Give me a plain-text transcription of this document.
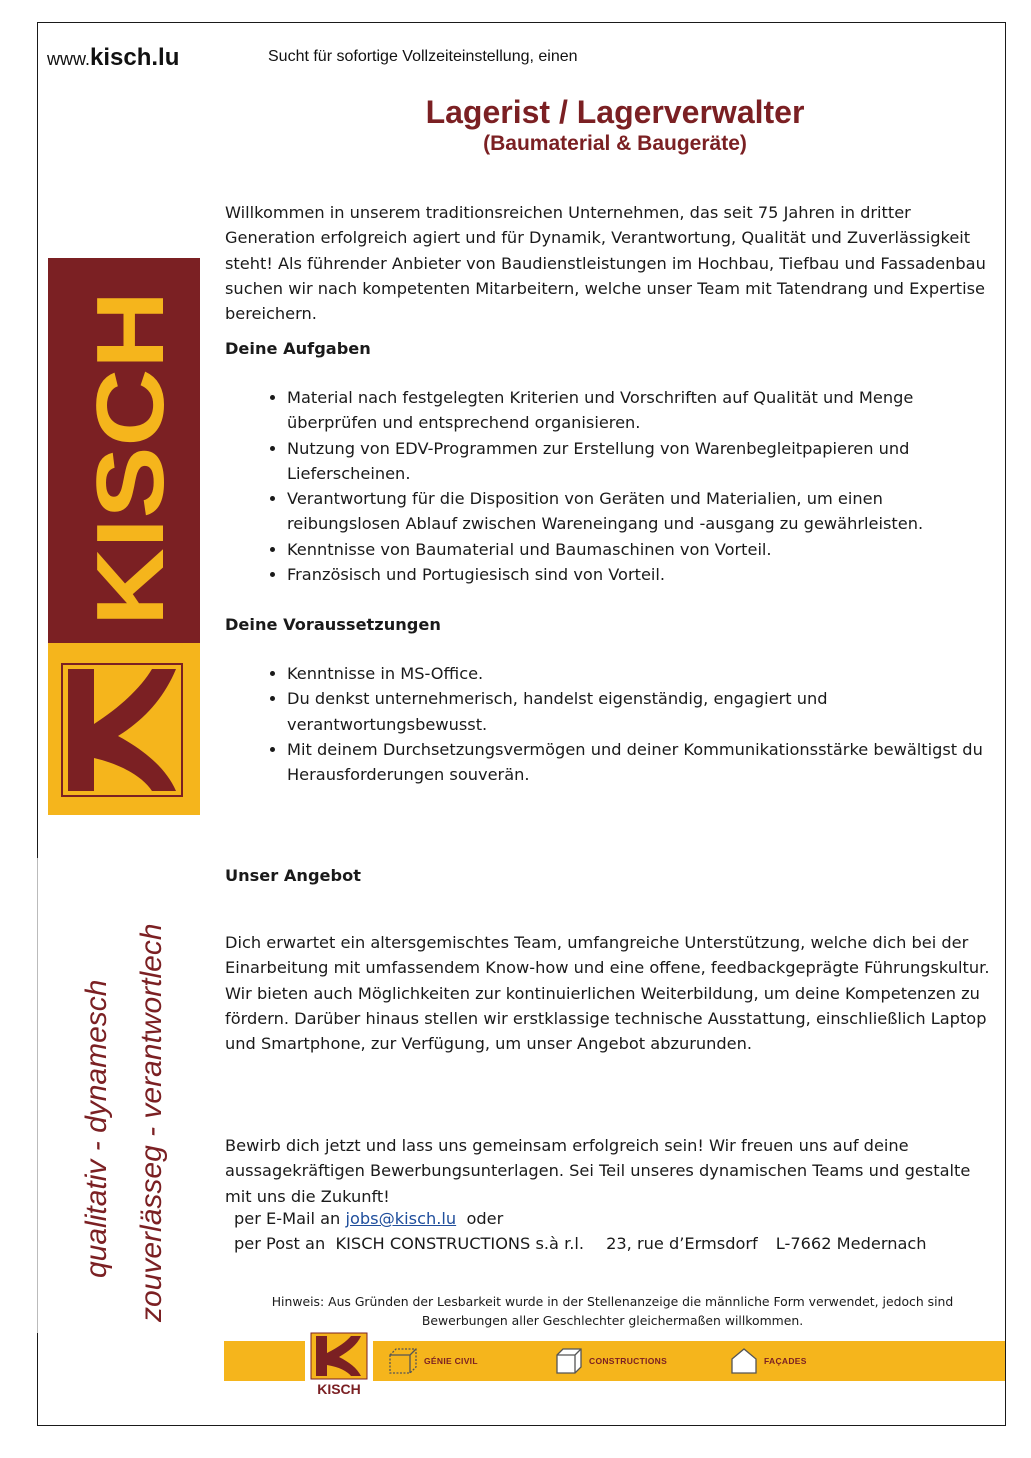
www.kisch.lu	Sucht für sofortige Vollzeiteinstellung, einen
Lagerist / Lagerverwalter
(Baumaterial & Baugeräte)
KISCH
qualitativ - dynamesch zouverlässeg - verantwortlech

Willkommen in unserem traditionsreichen Unternehmen, das seit 75 Jahren in dritter Generation erfolgreich agiert und für Dynamik, Verantwortung, Qualität und Zuverlässigkeit steht! Als führender Anbieter von Baudienstleistungen im Hochbau, Tiefbau und Fassadenbau suchen wir nach kompetenten Mitarbeitern, welche unser Team mit Tatendrang und Expertise bereichern.

Deine Aufgaben
• Material nach festgelegten Kriterien und Vorschriften auf Qualität und Menge überprüfen und entsprechend organisieren.
• Nutzung von EDV-Programmen zur Erstellung von Warenbegleitpapieren und Lieferscheinen.
• Verantwortung für die Disposition von Geräten und Materialien, um einen reibungslosen Ablauf zwischen Wareneingang und -ausgang zu gewährleisten.
• Kenntnisse von Baumaterial und Baumaschinen von Vorteil.
• Französisch und Portugiesisch sind von Vorteil.
Deine Voraussetzungen
• Kenntnisse in MS-Office.
• Du denkst unternehmerisch, handelst eigenständig, engagiert und verantwortungsbewusst.
• Mit deinem Durchsetzungsvermögen und deiner Kommunikationsstärke bewältigst du Herausforderungen souverän.
Unser Angebot

Dich erwartet ein altersgemischtes Team, umfangreiche Unterstützung, welche dich bei der Einarbeitung mit umfassendem Know-how und eine offene, feedbackgeprägte Führungskultur. Wir bieten auch Möglichkeiten zur kontinuierlichen Weiterbildung, um deine Kompetenzen zu fördern. Darüber hinaus stellen wir erstklassige technische Ausstattung, einschließlich Laptop und Smartphone, zur Verfügung, um unser Angebot abzurunden.

Bewirb dich jetzt und lass uns gemeinsam erfolgreich sein! Wir freuen uns auf deine aussagekräftigen Bewerbungsunterlagen. Sei Teil unseres dynamischen Teams und gestalte mit uns die Zukunft!

per E-Mail an jobs@kisch.lu oder
per Post an KISCH CONSTRUCTIONS s.à r.l. 23, rue d’Ermsdorf L-7662 Medernach
Hinweis: Aus Gründen der Lesbarkeit wurde in der Stellenanzeige die männliche Form verwendet, jedoch sind
Bewerbungen aller Geschlechter gleichermaßen willkommen.
KISCH
GÉNIE CIVIL	CONSTRUCTIONS	FAÇADES
